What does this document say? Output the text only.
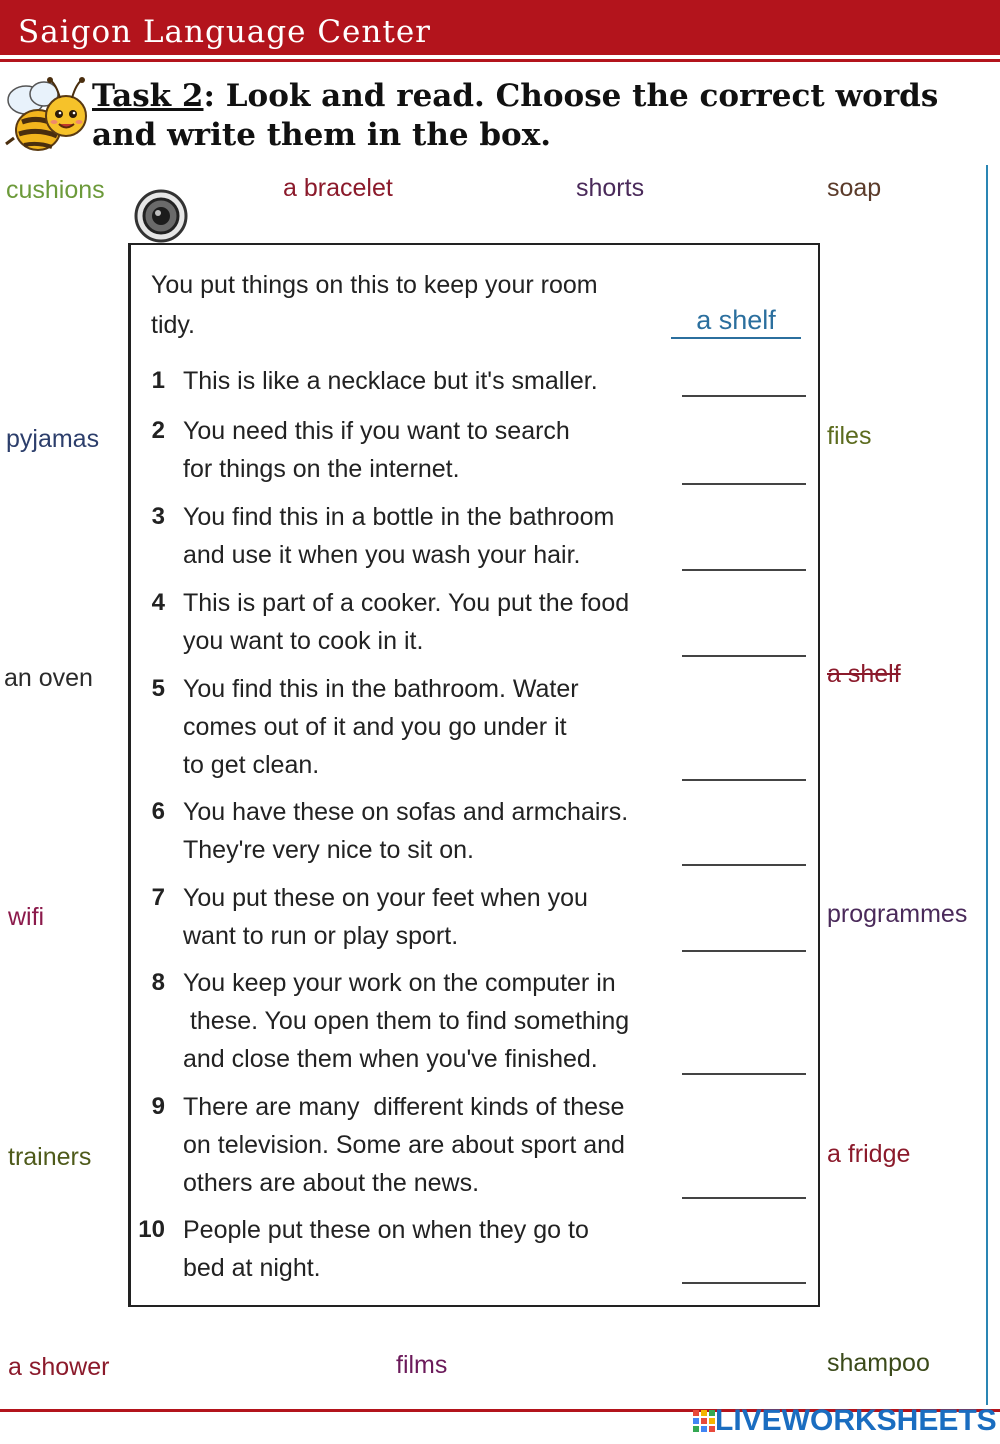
Saigon Language Center
Task 2: Look and read. Choose the correct words
and write them in the box.
cushions	a bracelet	shorts	soap
pyjamas	files
an oven	a shelf
wifi	programmes
trainers	a fridge
a shower	films	shampoo
You put things on this to keep your room
tidy.	a shelf
1 This is like a necklace but it's smaller.
2 You need this if you want to search
for things on the internet.
3 You find this in a bottle in the bathroom
and use it when you wash your hair.
4 This is part of a cooker. You put the food
you want to cook in it.
5 You find this in the bathroom. Water
comes out of it and you go under it
to get clean.
6 You have these on sofas and armchairs.
They're very nice to sit on.
7 You put these on your feet when you
want to run or play sport.
8 You keep your work on the computer in
these. You open them to find something
and close them when you've finished.
9 There are many  different kinds of these
on television. Some are about sport and
others are about the news.
10 People put these on when they go to
bed at night.
LIVEWORKSHEETS
